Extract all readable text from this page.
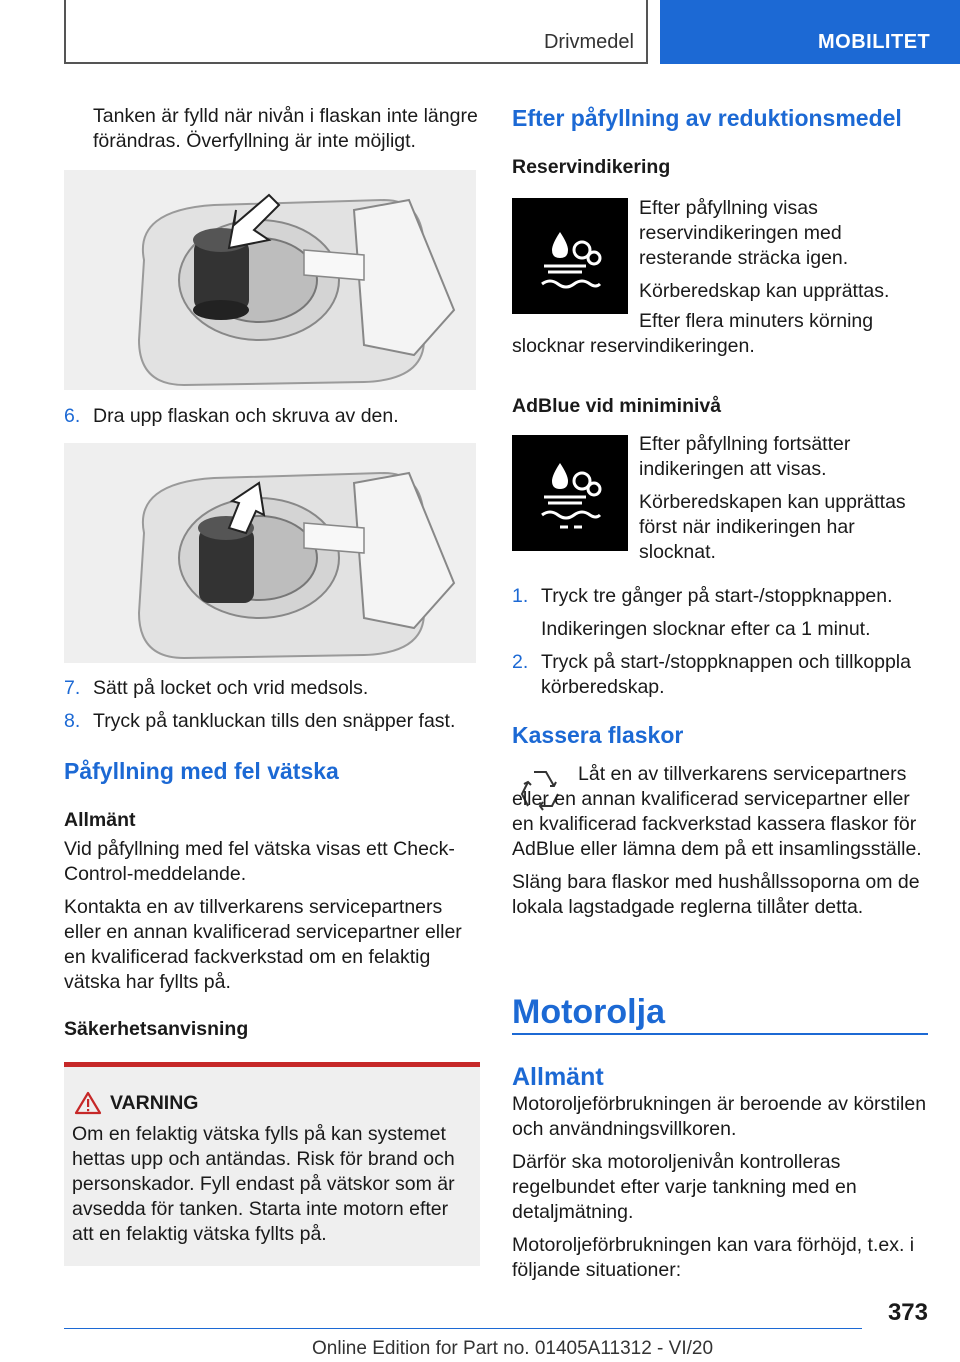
Drivmedel	MOBILITET

Tanken är fylld när nivån i flaskan inte längre förändras. Överfyllning är inte möjligt.

6. Dra upp flaskan och skruva av den.
7. Sätt på locket och vrid medsols.
8. Tryck på tankluckan tills den snäpper fast.
Påfyllning med fel vätska

Allmänt

Vid påfyllning med fel vätska visas ett Check-Control-meddelande.

Kontakta en av tillverkarens servicepartners eller en annan kvalificerad servicepartner eller en kvalificerad fackverkstad om en felaktig vätska har fyllts på.

Säkerhetsanvisning

VARNING
Om en felaktig vätska fylls på kan systemet hettas upp och antändas. Risk för brand och personskador. Fyll endast på vätskor som är avsedda för tanken. Starta inte motorn efter att en felaktig vätska fyllts på.
Efter påfyllning av reduktionsmedel

Reservindikering

Efter påfyllning visas reservindikeringen med resterande sträcka igen.

Körberedskap kan upprättas.

Efter flera minuters körning slocknar reservindikeringen.

AdBlue vid miniminivå

Efter påfyllning fortsätter indikeringen att visas.

Körberedskapen kan upprättas först när indikeringen har slocknat.

1. Tryck tre gånger på start-/stoppknappen.

Indikeringen slocknar efter ca 1 minut.

2. Tryck på start-/stoppknappen och tillkoppla körberedskap.
Kassera flaskor

Låt en av tillverkarens servicepartners eller en annan kvalificerad servicepartner eller en kvalificerad fackverkstad kassera flaskor för AdBlue eller lämna dem på ett insamlingsställe.

Släng bara flaskor med hushållssoporna om de lokala lagstadgade reglerna tillåter detta.

Motorolja
Allmänt

Motoroljeförbrukningen är beroende av körstilen och användningsvillkoren.

Därför ska motoroljenivån kontrolleras regelbundet efter varje tankning med en detaljmätning.

Motoroljeförbrukningen kan vara förhöjd, t.ex. i följande situationer:

373
Online Edition for Part no. 01405A11312 - VI/20
